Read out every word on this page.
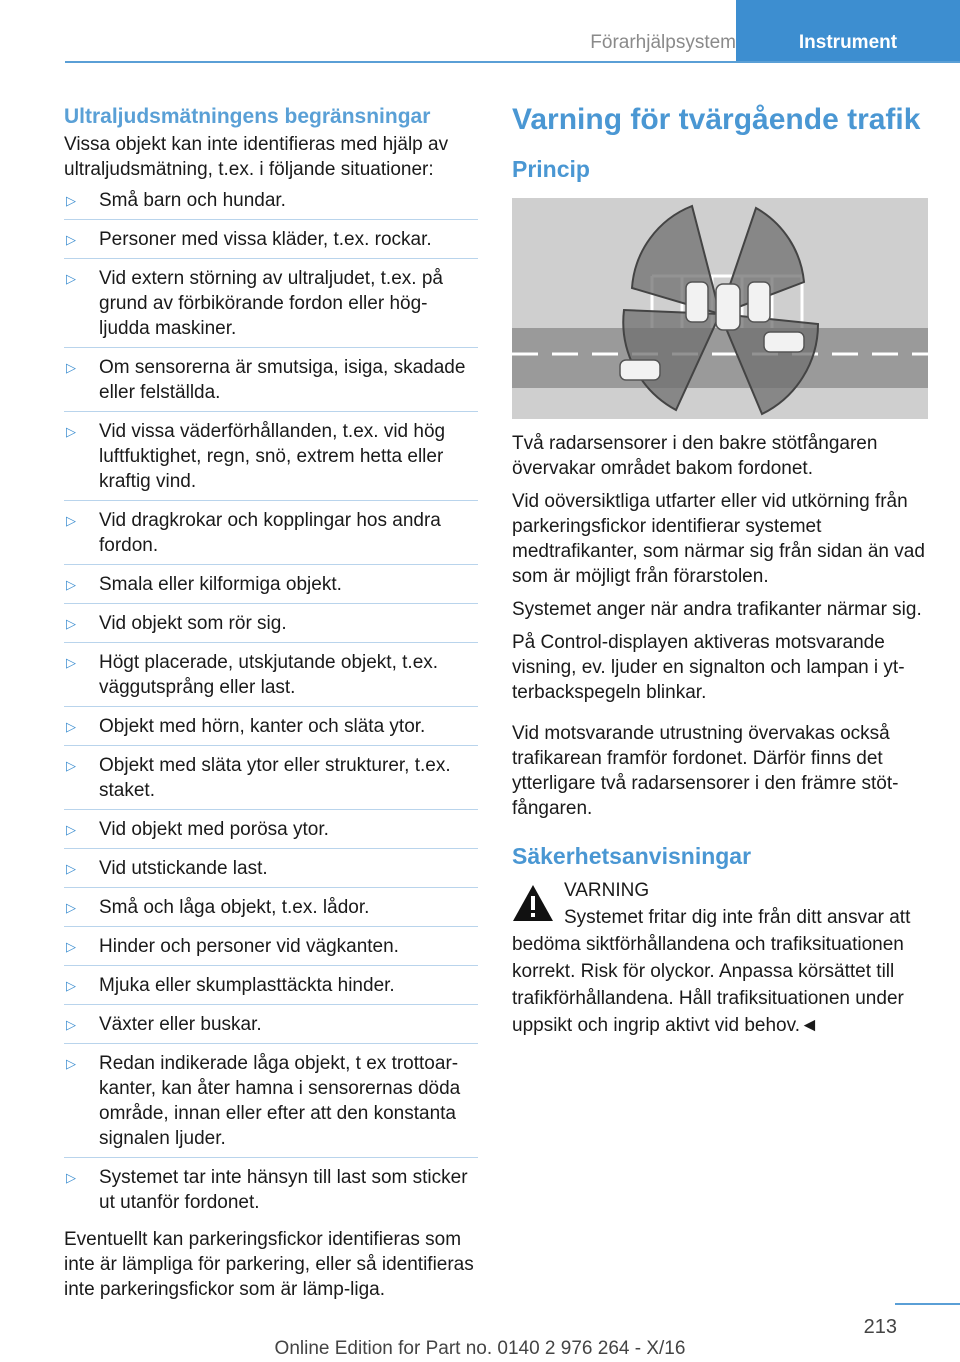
Förarhjälpsystem	Instrument
Ultraljudsmätningens begränsningar

Vissa objekt kan inte identifieras med hjälp av ultraljudsmätning, t.ex. i följande situationer:

▷ Små barn och hundar.
▷ Personer med vissa kläder, t.ex. rockar.
▷ Vid extern störning av ultraljudet, t.ex. på grund av förbikörande fordon eller hög-ljudda maskiner.
▷ Om sensorerna är smutsiga, isiga, skadade eller felställda.
▷ Vid vissa väderförhållanden, t.ex. vid hög luftfuktighet, regn, snö, extrem hetta eller kraftig vind.
▷ Vid dragkrokar och kopplingar hos andra fordon.
▷ Smala eller kilformiga objekt.
▷ Vid objekt som rör sig.
▷ Högt placerade, utskjutande objekt, t.ex. väggutsprång eller last.
▷ Objekt med hörn, kanter och släta ytor.
▷ Objekt med släta ytor eller strukturer, t.ex. staket.
▷ Vid objekt med porösa ytor.
▷ Vid utstickande last.
▷ Små och låga objekt, t.ex. lådor.
▷ Hinder och personer vid vägkanten.
▷ Mjuka eller skumplasttäckta hinder.
▷ Växter eller buskar.
▷ Redan indikerade låga objekt, t ex trottoar-kanter, kan åter hamna i sensorernas döda område, innan eller efter att den konstanta signalen ljuder.
▷ Systemet tar inte hänsyn till last som sticker ut utanför fordonet.

Eventuellt kan parkeringsfickor identifieras som inte är lämpliga för parkering, eller så identifieras inte parkeringsfickor som är lämp-liga.

Varning för tvärgående trafik
Princip

Två radarsensorer i den bakre stötfångaren övervakar området bakom fordonet.

Vid oöversiktliga utfarter eller vid utkörning från parkeringsfickor identifierar systemet medtrafikanter, som närmar sig från sidan än vad som är möjligt från förarstolen.

Systemet anger när andra trafikanter närmar sig.

På Control-displayen aktiveras motsvarande visning, ev. ljuder en signalton och lampan i yt-terbackspegeln blinkar.

Vid motsvarande utrustning övervakas också trafikarean framför fordonet. Därför finns det ytterligare två radarsensorer i den främre stöt-fångaren.

Säkerhetsanvisningar
VARNING
Systemet fritar dig inte från ditt ansvar att
bedöma siktförhållandena och trafiksituationen korrekt. Risk för olyckor. Anpassa körsättet till trafikförhållandena. Håll trafiksituationen under uppsikt och ingrip aktivt vid behov.◄
213
Online Edition for Part no. 0140 2 976 264 - X/16
